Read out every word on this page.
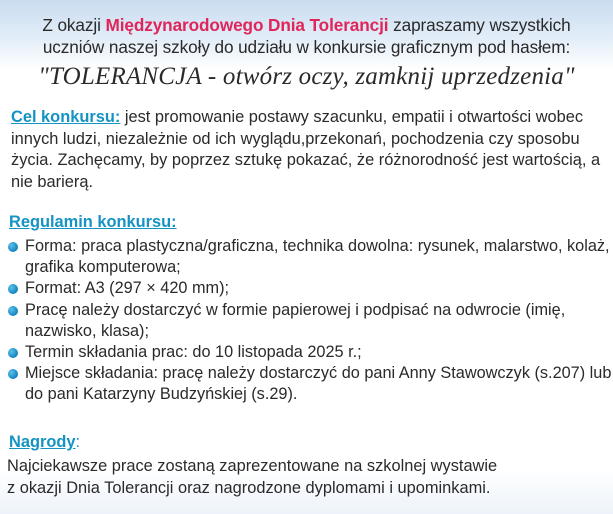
Z okazji Międzynarodowego Dnia Tolerancji zapraszamy wszystkich
uczniów naszej szkoły do udziału w konkursie graficznym pod hasłem:
"TOLERANCJA - otwórz oczy, zamknij uprzedzenia"
Cel konkursu: jest promowanie postawy szacunku, empatii i otwartości wobec innych ludzi, niezależnie od ich wyglądu,przekonań, pochodzenia czy sposobu życia. Zachęcamy, by poprzez sztukę pokazać, że różnorodność jest wartością, a nie barierą.
Regulamin konkursu:
Forma: praca plastyczna/graficzna, technika dowolna: rysunek, malarstwo, kolaż, grafika komputerowa;
Format: A3 (297 × 420 mm);
Pracę należy dostarczyć w formie papierowej i podpisać na odwrocie (imię, nazwisko, klasa);
Termin składania prac: do 10 listopada 2025 r.;
Miejsce składania: pracę należy dostarczyć do pani Anny Stawowczyk (s.207) lub do pani Katarzyny Budzyńskiej (s.29).
Nagrody:
Najciekawsze prace zostaną zaprezentowane na szkolnej wystawie
z okazji Dnia Tolerancji oraz nagrodzone dyplomami i upominkami.
